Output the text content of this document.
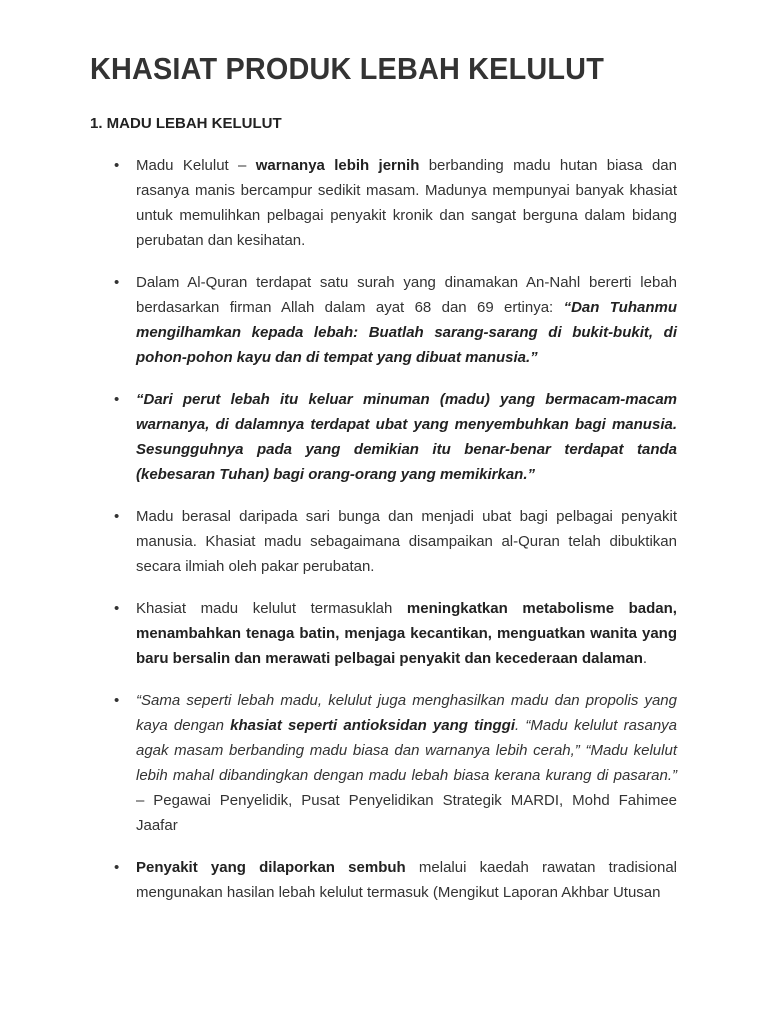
KHASIAT PRODUK LEBAH KELULUT
1. MADU LEBAH KELULUT
• Madu Kelulut – warnanya lebih jernih berbanding madu hutan biasa dan rasanya manis bercampur sedikit masam. Madunya mempunyai banyak khasiat untuk memulihkan pelbagai penyakit kronik dan sangat berguna dalam bidang perubatan dan kesihatan.
• Dalam Al-Quran terdapat satu surah yang dinamakan An-Nahl bererti lebah berdasarkan firman Allah dalam ayat 68 dan 69 ertinya: “Dan Tuhanmu mengilhamkan kepada lebah: Buatlah sarang-sarang di bukit-bukit, di pohon-pohon kayu dan di tempat yang dibuat manusia.”
• “Dari perut lebah itu keluar minuman (madu) yang bermacam-macam warnanya, di dalamnya terdapat ubat yang menyembuhkan bagi manusia. Sesungguhnya pada yang demikian itu benar-benar terdapat tanda (kebesaran Tuhan) bagi orang-orang yang memikirkan.”
• Madu berasal daripada sari bunga dan menjadi ubat bagi pelbagai penyakit manusia. Khasiat madu sebagaimana disampaikan al-Quran telah dibuktikan secara ilmiah oleh pakar perubatan.
• Khasiat madu kelulut termasuklah meningkatkan metabolisme badan, menambahkan tenaga batin, menjaga kecantikan, menguatkan wanita yang baru bersalin dan merawati pelbagai penyakit dan kecederaan dalaman.
• “Sama seperti lebah madu, kelulut juga menghasilkan madu dan propolis yang kaya dengan khasiat seperti antioksidan yang tinggi. “Madu kelulut rasanya agak masam berbanding madu biasa dan warnanya lebih cerah,” “Madu kelulut lebih mahal dibandingkan dengan madu lebah biasa kerana kurang di pasaran.” – Pegawai Penyelidik, Pusat Penyelidikan Strategik MARDI, Mohd Fahimee Jaafar
• Penyakit yang dilaporkan sembuh melalui kaedah rawatan tradisional mengunakan hasilan lebah kelulut termasuk (Mengikut Laporan Akhbar Utusan
